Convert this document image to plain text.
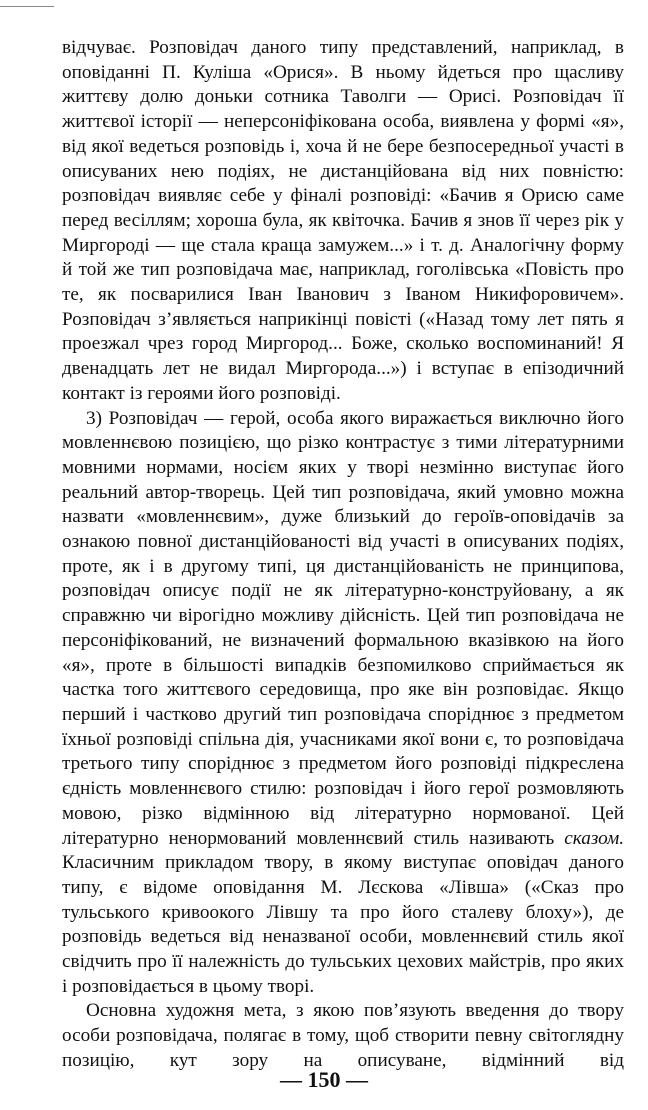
відчуває. Розповідач даного типу представлений, наприклад, в оповіданні П. Куліша «Орися». В ньому йдеться про щасливу життєву долю доньки сотника Таволги — Орисі. Розповідач її життєвої історії — неперсоніфікована особа, виявлена у формі «я», від якої ведеться розповідь і, хоча й не бере безпосередньої участі в описуваних нею подіях, не дистанційована від них повністю: розповідач виявляє себе у фіналі розповіді: «Бачив я Орисю саме перед весіллям; хороша була, як квіточка. Бачив я знов її через рік у Миргороді — ще стала краща замужем...» і т. д. Аналогічну форму й той же тип розповідача має, наприклад, гоголівська «Повість про те, як посварилися Іван Іванович з Іваном Никифоровичем». Розповідач з’являється наприкінці повісті («Назад тому лет пять я проезжал чрез город Миргород... Боже, сколько воспоминаний! Я двенадцать лет не видал Миргорода...») і вступає в епізодичний контакт із героями його розповіді.

3) Розповідач — герой, особа якого виражається виключно його мовленнєвою позицією, що різко контрастує з тими літературними мовними нормами, носієм яких у творі незмінно виступає його реальний автор-творець. Цей тип розповідача, який умовно можна назвати «мовленнєвим», дуже близький до героїв-оповідачів за ознакою повної дистанційованості від участі в описуваних подіях, проте, як і в другому типі, ця дистанційованість не принципова, розповідач описує події не як літературно-конструйовану, а як справжню чи вірогідно можливу дійсність. Цей тип розповідача не персоніфікований, не визначений формальною вказівкою на його «я», проте в більшості випадків безпомилково сприймається як частка того життєвого середовища, про яке він розповідає. Якщо перший і частково другий тип розповідача споріднює з предметом їхньої розповіді спільна дія, учасниками якої вони є, то розповідача третього типу споріднює з предметом його розповіді підкреслена єдність мовленнєвого стилю: розповідач і його герої розмовляють мовою, різко відмінною від літературно нормованої. Цей літературно ненормований мовленнєвий стиль називають сказом. Класичним прикладом твору, в якому виступає оповідач даного типу, є відоме оповідання М. Лєскова «Лівша» («Сказ про тульського кривоокого Лівшу та про його сталеву блоху»), де розповідь ведеться від неназваної особи, мовленнєвий стиль якої свідчить про її належність до тульських цехових майстрів, про яких і розповідається в цьому творі.

Основна художня мета, з якою пов’язують введення до твору особи розповідача, полягає в тому, щоб створити певну світоглядну позицію, кут зору на описуване, відмінний від

— 150 —
